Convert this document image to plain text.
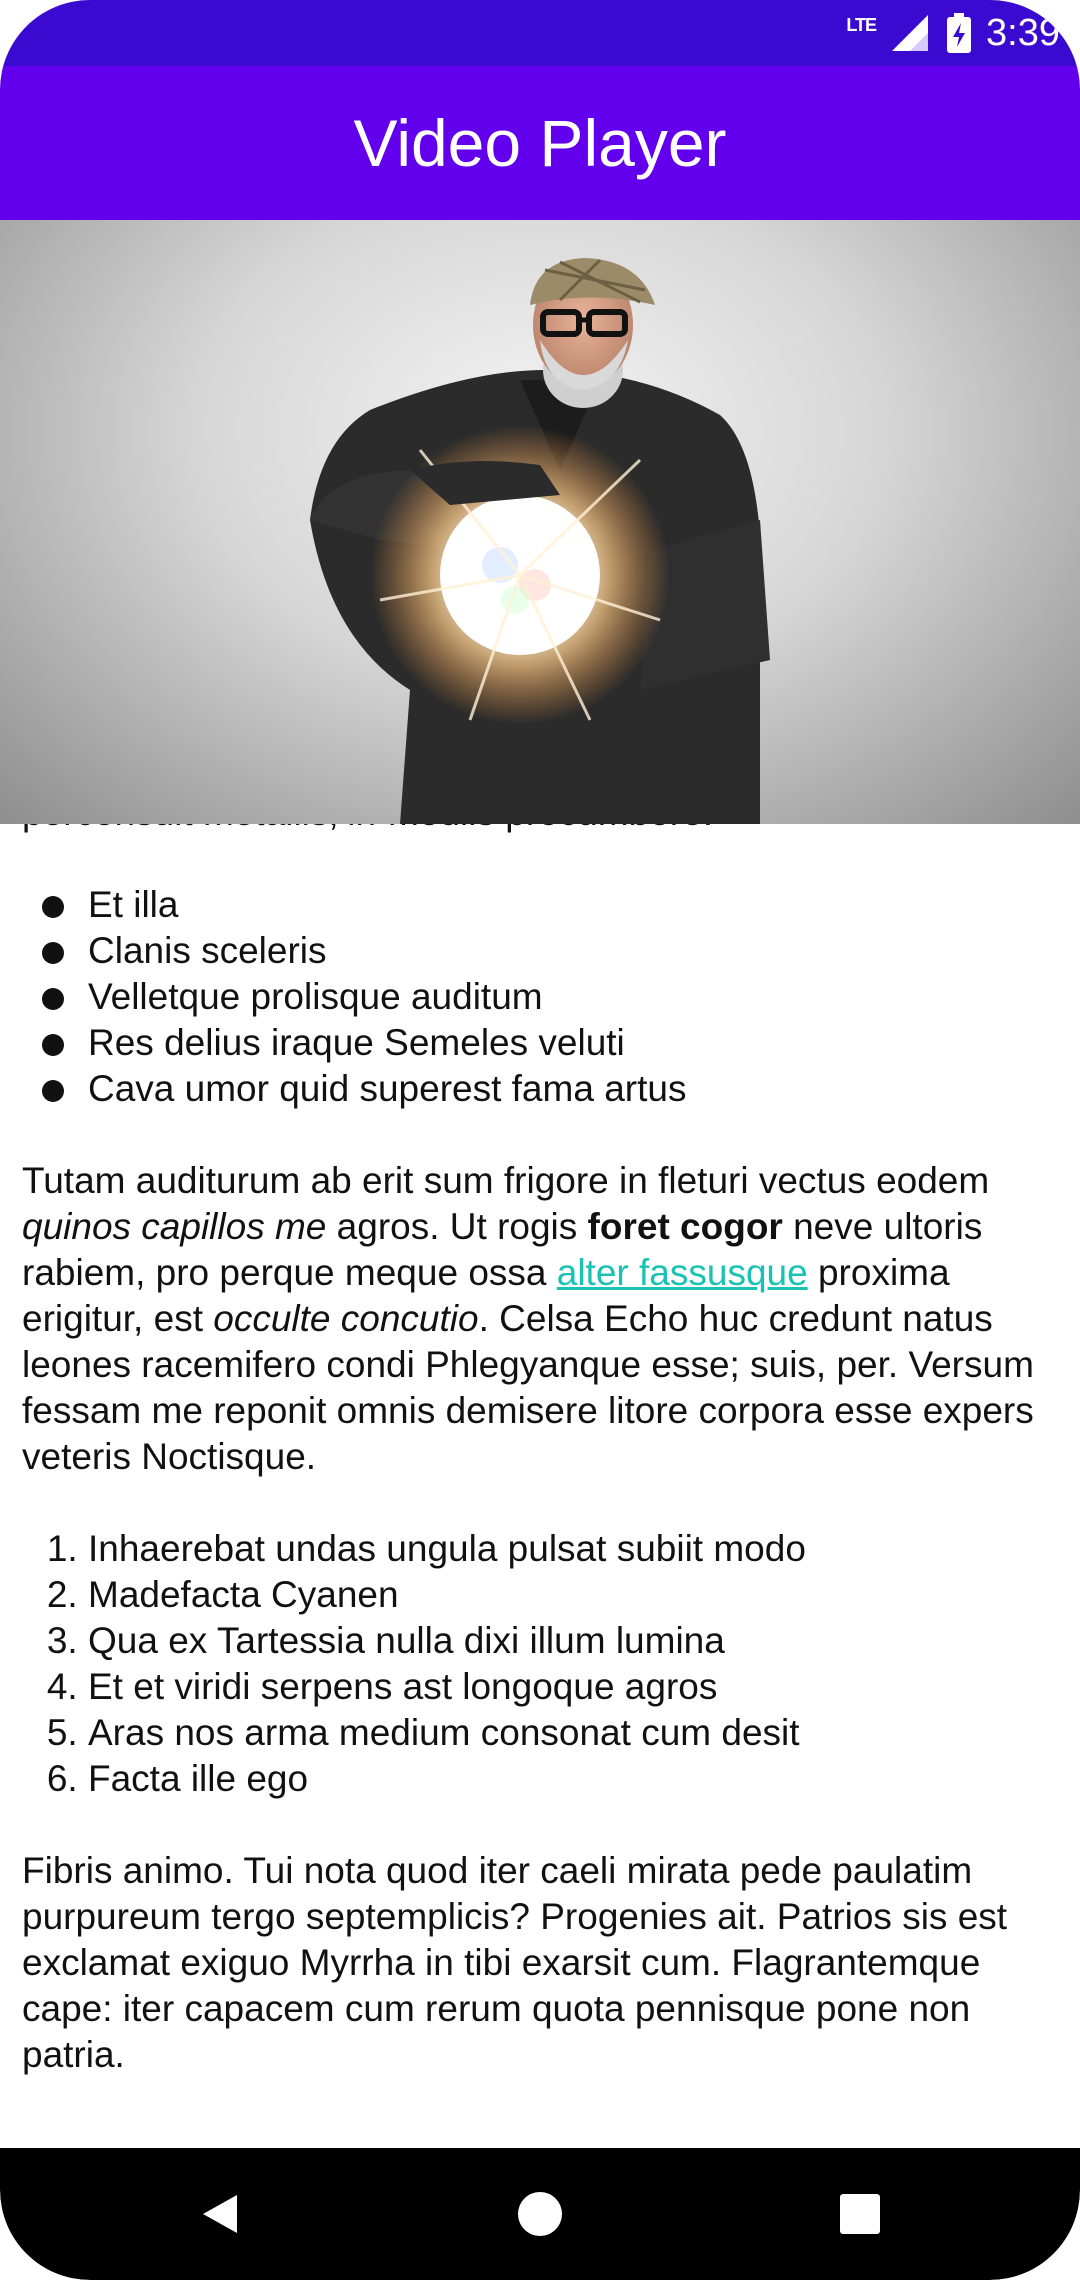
Et illa
Clanis sceleris
Velletque prolisque auditum
Res delius iraque Semeles veluti
Cava umor quid superest fama artus

Tutam auditurum ab erit sum frigore in fleturi vectus eodem quinos capillos me agros. Ut rogis foret cogor neve ultoris rabiem, pro perque meque ossa alter fassusque proxima erigitur, est occulte concutio. Celsa Echo huc credunt natus leones racemifero condi Phlegyanque esse; suis, per. Versum fessam me reponit omnis demisere litore corpora esse expers veteris Noctisque.

1. Inhaerebat undas ungula pulsat subiit modo
2. Madefacta Cyanen
3. Qua ex Tartessia nulla dixi illum lumina
4. Et et viridi serpens ast longoque agros
5. Aras nos arma medium consonat cum desit
6. Facta ille ego

Fibris animo. Tui nota quod iter caeli mirata pede paulatim purpureum tergo septemplicis? Progenies ait. Patrios sis est exclamat exiguo Myrrha in tibi exarsit cum. Flagrantemque cape: iter capacem cum rerum quota pennisque pone non patria.

LTE	3:39
Video Player
